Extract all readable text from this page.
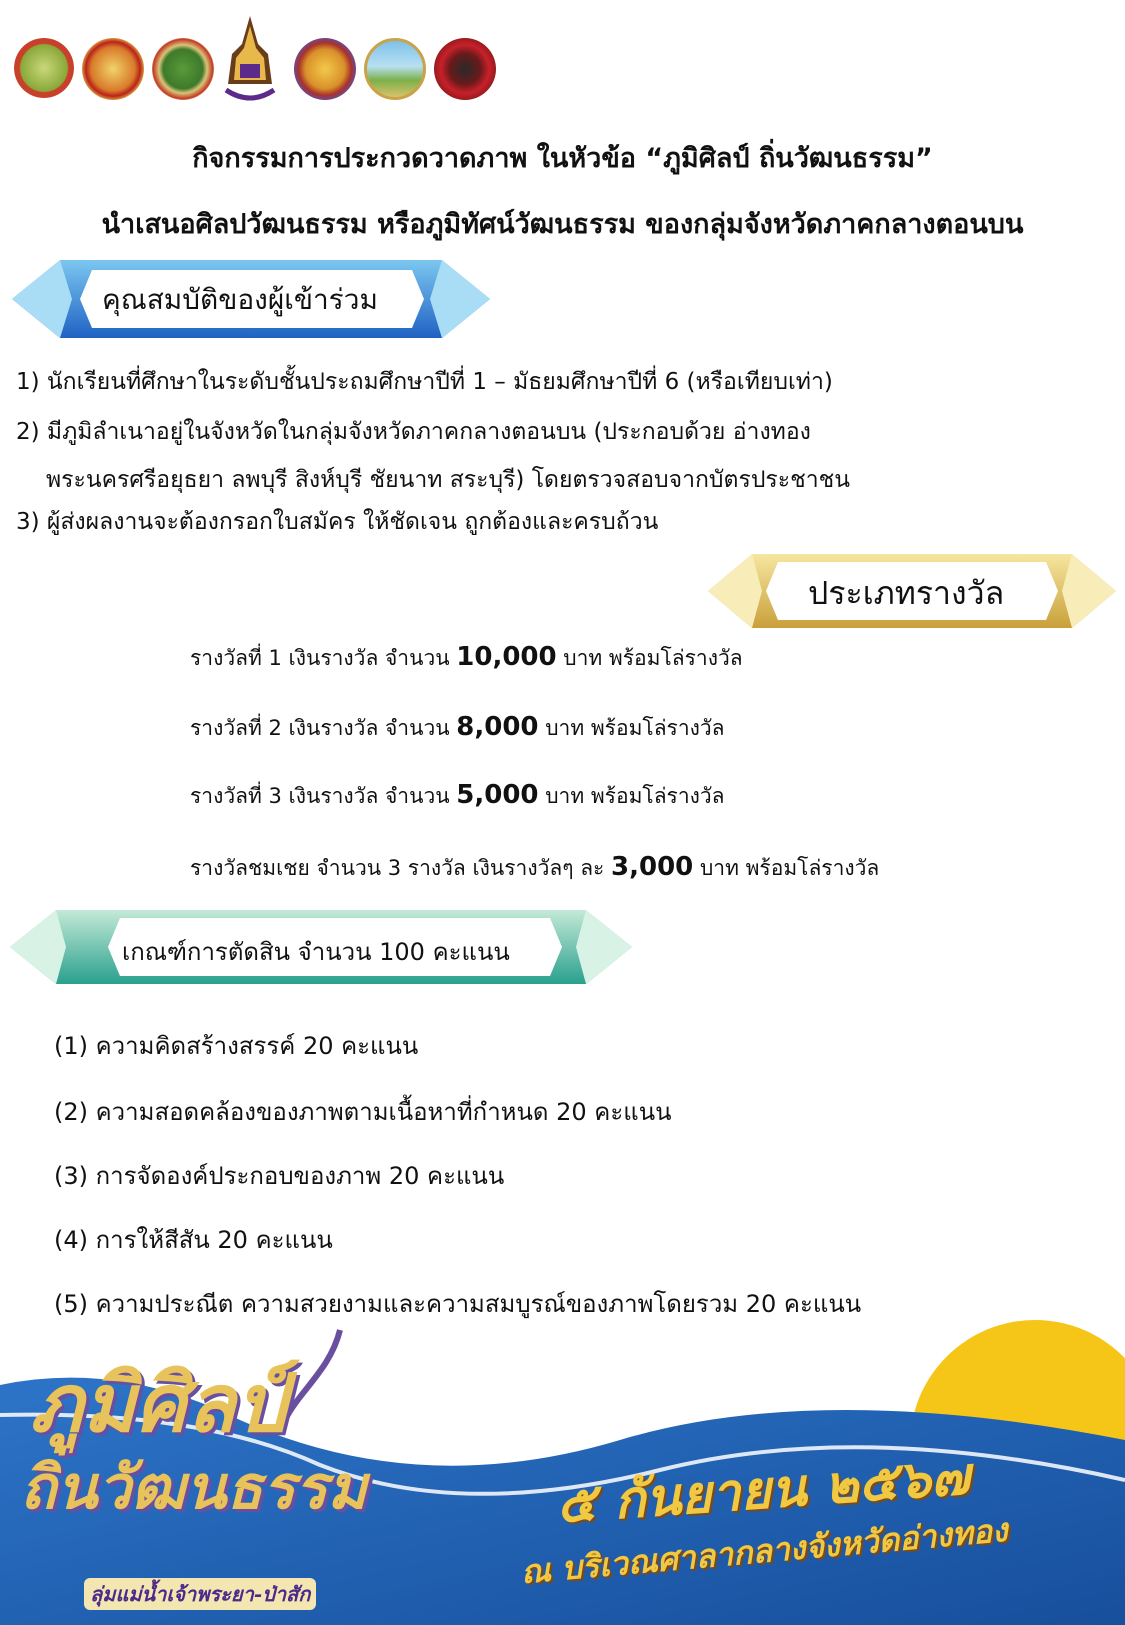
กิจกรรมการประกวดวาดภาพ ในหัวข้อ “ภูมิศิลป์ ถิ่นวัฒนธรรม”
นำเสนอศิลปวัฒนธรรม หรือภูมิทัศน์วัฒนธรรม ของกลุ่มจังหวัดภาคกลางตอนบน
คุณสมบัติของผู้เข้าร่วม
1) นักเรียนที่ศึกษาในระดับชั้นประถมศึกษาปีที่ 1 – มัธยมศึกษาปีที่ 6 (หรือเทียบเท่า)
2) มีภูมิลำเนาอยู่ในจังหวัดในกลุ่มจังหวัดภาคกลางตอนบน (ประกอบด้วย อ่างทอง
พระนครศรีอยุธยา ลพบุรี สิงห์บุรี ชัยนาท สระบุรี) โดยตรวจสอบจากบัตรประชาชน
3) ผู้ส่งผลงานจะต้องกรอกใบสมัคร ให้ชัดเจน ถูกต้องและครบถ้วน
ประเภทรางวัล
รางวัลที่ 1 เงินรางวัล จำนวน 10,000 บาท พร้อมโล่รางวัล
รางวัลที่ 2 เงินรางวัล จำนวน 8,000 บาท พร้อมโล่รางวัล
รางวัลที่ 3 เงินรางวัล จำนวน 5,000 บาท พร้อมโล่รางวัล
รางวัลชมเชย จำนวน 3 รางวัล เงินรางวัลๆ ละ 3,000 บาท พร้อมโล่รางวัล
เกณฑ์การตัดสิน จำนวน 100 คะแนน
(1) ความคิดสร้างสรรค์ 20 คะแนน
(2) ความสอดคล้องของภาพตามเนื้อหาที่กำหนด 20 คะแนน
(3) การจัดองค์ประกอบของภาพ 20 คะแนน
(4) การให้สีสัน 20 คะแนน
(5) ความประณีต ความสวยงามและความสมบูรณ์ของภาพโดยรวม 20 คะแนน
ภูมิศิลป์
ถิ่นวัฒนธรรม
ลุ่มแม่น้ำเจ้าพระยา-ป่าสัก
๕ กันยายน ๒๕๖๗
ณ บริเวณศาลากลางจังหวัดอ่างทอง
